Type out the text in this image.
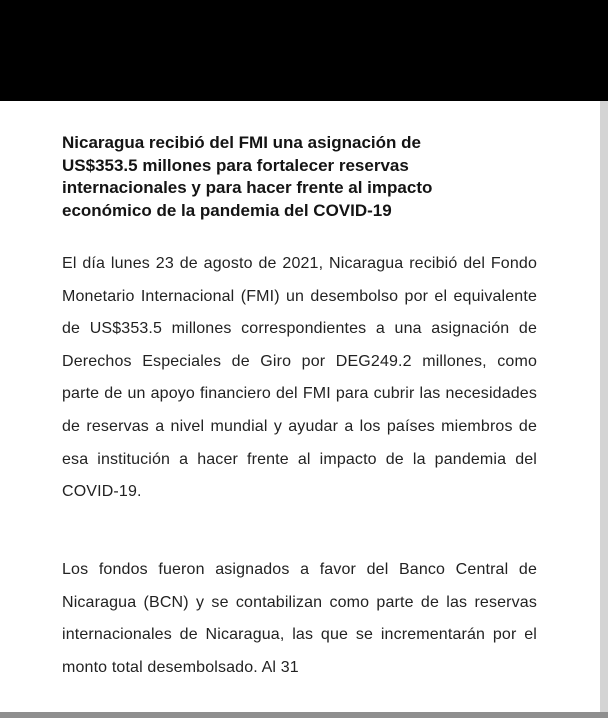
Nicaragua recibió del FMI una asignación de US$353.5 millones para fortalecer reservas internacionales y para hacer frente al impacto económico de la pandemia del COVID-19

El día lunes 23 de agosto de 2021, Nicaragua recibió del Fondo Monetario Internacional (FMI) un desembolso por el equivalente de US$353.5 millones correspondientes a una asignación de Derechos Especiales de Giro por DEG249.2 millones, como parte de un apoyo financiero del FMI para cubrir las necesidades de reservas a nivel mundial y ayudar a los países miembros de esa institución a hacer frente al impacto de la pandemia del COVID-19.

Los fondos fueron asignados a favor del Banco Central de Nicaragua (BCN) y se contabilizan como parte de las reservas internacionales de Nicaragua, las que se incrementarán por el monto total desembolsado. Al 31
